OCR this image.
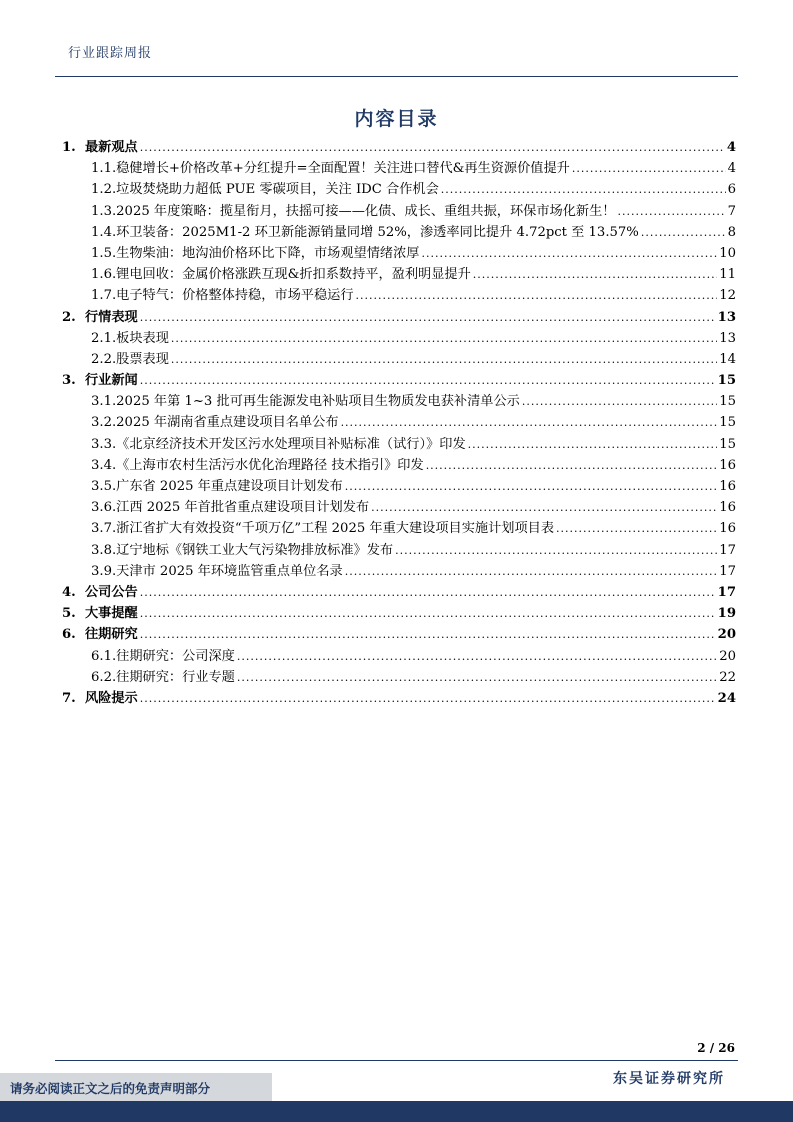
行业跟踪周报
内容目录
1. 最新观点 .....	4
1.1. 稳健增长+价格改革+分红提升=全面配置！关注进口替代&再生资源价值提升 .....	4
1.2. 垃圾焚烧助力超低 PUE 零碳项目，关注 IDC 合作机会 .....	6
1.3. 2025 年度策略：揽星衔月，扶摇可接——化债、成长、重组共振，环保市场化新生！ .....	7
1.4. 环卫装备：2025M1-2 环卫新能源销量同增 52%，渗透率同比提升 4.72pct 至 13.57% .....	8
1.5. 生物柴油：地沟油价格环比下降，市场观望情绪浓厚 .....	10
1.6. 锂电回收：金属价格涨跌互现&折扣系数持平，盈利明显提升 .....	11
1.7. 电子特气：价格整体持稳，市场平稳运行 .....	12
2. 行情表现 .....	13
2.1. 板块表现 .....	13
2.2. 股票表现 .....	14
3. 行业新闻 .....	15
3.1. 2025 年第 1~3 批可再生能源发电补贴项目生物质发电获补清单公示 .....	15
3.2. 2025 年湖南省重点建设项目名单公布 .....	15
3.3. 《北京经济技术开发区污水处理项目补贴标准（试行）》印发 .....	15
3.4. 《上海市农村生活污水优化治理路径 技术指引》印发 .....	16
3.5. 广东省 2025 年重点建设项目计划发布 .....	16
3.6. 江西 2025 年首批省重点建设项目计划发布 .....	16
3.7. 浙江省扩大有效投资“千项万亿”工程 2025 年重大建设项目实施计划项目表 .....	16
3.8. 辽宁地标《钢铁工业大气污染物排放标准》发布 .....	17
3.9. 天津市 2025 年环境监管重点单位名录 .....	17
4. 公司公告 .....	17
5. 大事提醒 .....	19
6. 往期研究 .....	20
6.1. 往期研究：公司深度 .....	20
6.2. 往期研究：行业专题 .....	22
7. 风险提示 .....	24
2 / 26
请务必阅读正文之后的免责声明部分
东吴证券研究所
